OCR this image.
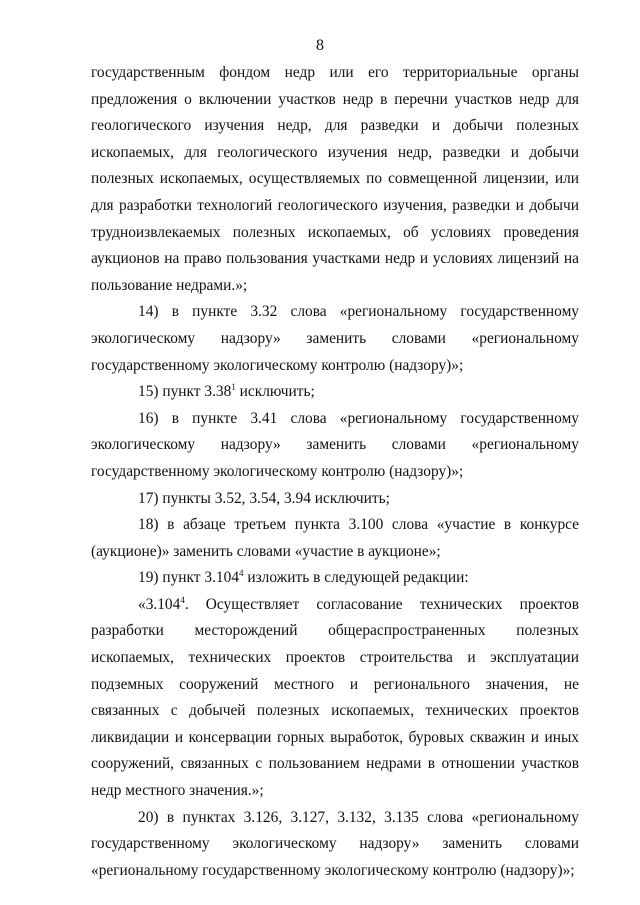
8

государственным фондом недр или его территориальные органы предложения о включении участков недр в перечни участков недр для геологического изучения недр, для разведки и добычи полезных ископаемых, для геологического изучения недр, разведки и добычи полезных ископаемых, осуществляемых по совмещенной лицензии, или для разработки технологий геологического изучения, разведки и добычи трудноизвлекаемых полезных ископаемых, об условиях проведения аукционов на право пользования участками недр и условиях лицензий на пользование недрами.»;

14) в пункте 3.32 слова «региональному государственному экологическому надзору» заменить словами «региональному государственному экологическому контролю (надзору)»;

15) пункт 3.38$^1$ исключить;

16) в пункте 3.41 слова «региональному государственному экологическому надзору» заменить словами «региональному государственному экологическому контролю (надзору)»;

17) пункты 3.52, 3.54, 3.94 исключить;

18) в абзаце третьем пункта 3.100 слова «участие в конкурсе (аукционе)» заменить словами «участие в аукционе»;

19) пункт 3.104$^4$ изложить в следующей редакции:

«3.104$^4$. Осуществляет согласование технических проектов разработки месторождений общераспространенных полезных ископаемых, технических проектов строительства и эксплуатации подземных сооружений местного и регионального значения, не связанных с добычей полезных ископаемых, технических проектов ликвидации и консервации горных выработок, буровых скважин и иных сооружений, связанных с пользованием недрами в отношении участков недр местного значения.»;

20) в пунктах 3.126, 3.127, 3.132, 3.135 слова «региональному государственному экологическому надзору» заменить словами «региональному государственному экологическому контролю (надзору)»;
